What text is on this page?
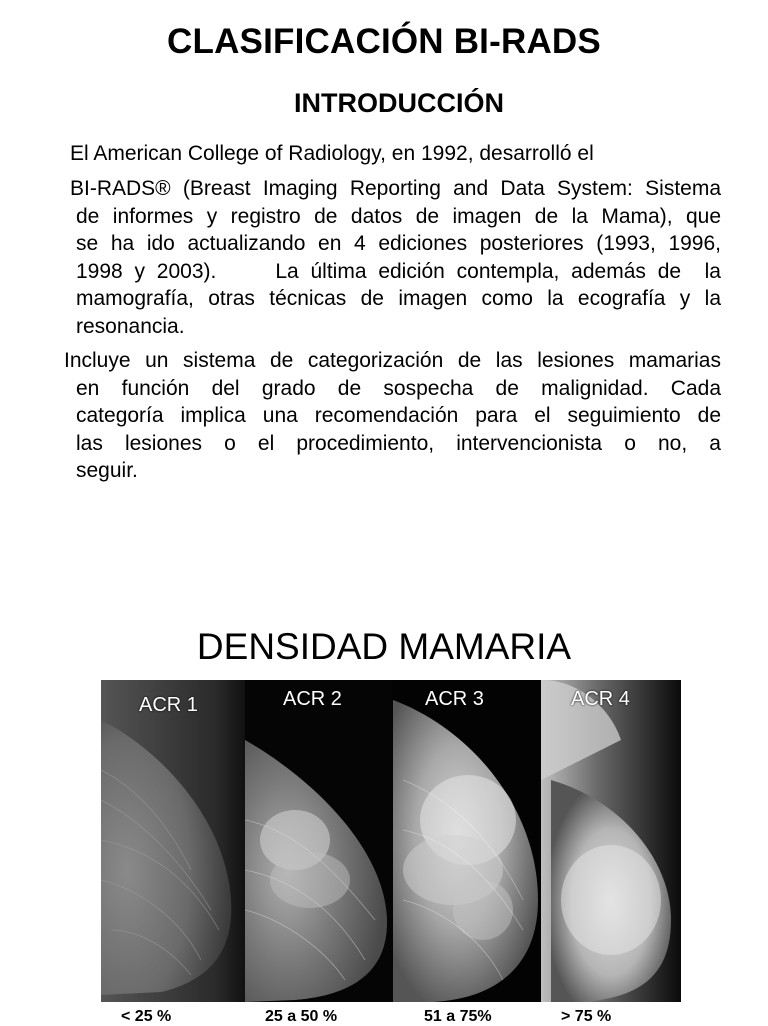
CLASIFICACIÓN BI-RADS
INTRODUCCIÓN

El American College of Radiology, en 1992, desarrolló el

BI-RADS® (Breast Imaging Reporting and Data System: Sistema
de informes y registro de datos de imagen de la Mama), que
se ha ido actualizando en 4 ediciones posteriores (1993, 1996,
1998 y 2003).     La última edición contempla, además de  la
mamografía, otras técnicas de imagen como la ecografía y la
resonancia.
Incluye un sistema de categorización de las lesiones mamarias
en función del grado de sospecha de malignidad. Cada
categoría implica una recomendación para el seguimiento de
las lesiones o el procedimiento, intervencionista o no, a
seguir.
DENSIDAD MAMARIA
ACR 1	ACR 2	ACR 3	ACR 4
< 25 %	25 a 50 %	51 a 75%	> 75 %
